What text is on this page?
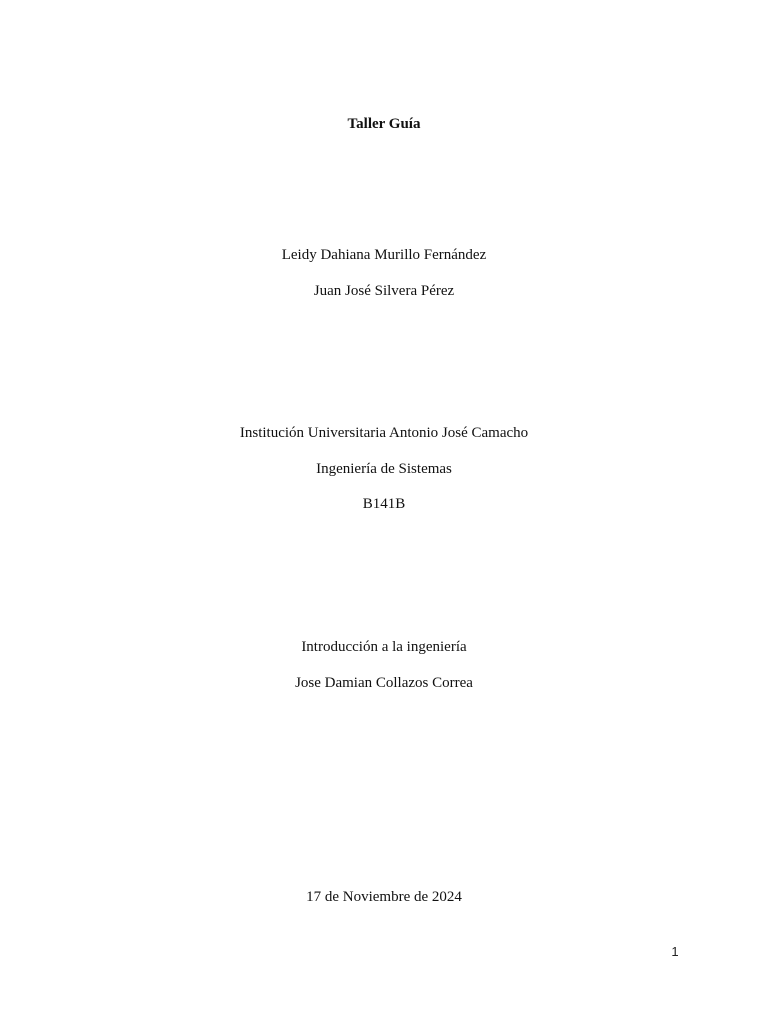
Taller Guía
Leidy Dahiana Murillo Fernández
Juan José Silvera Pérez
Institución Universitaria Antonio José Camacho
Ingeniería de Sistemas
B141B
Introducción a la ingeniería
Jose Damian Collazos Correa
17 de Noviembre de 2024
1
